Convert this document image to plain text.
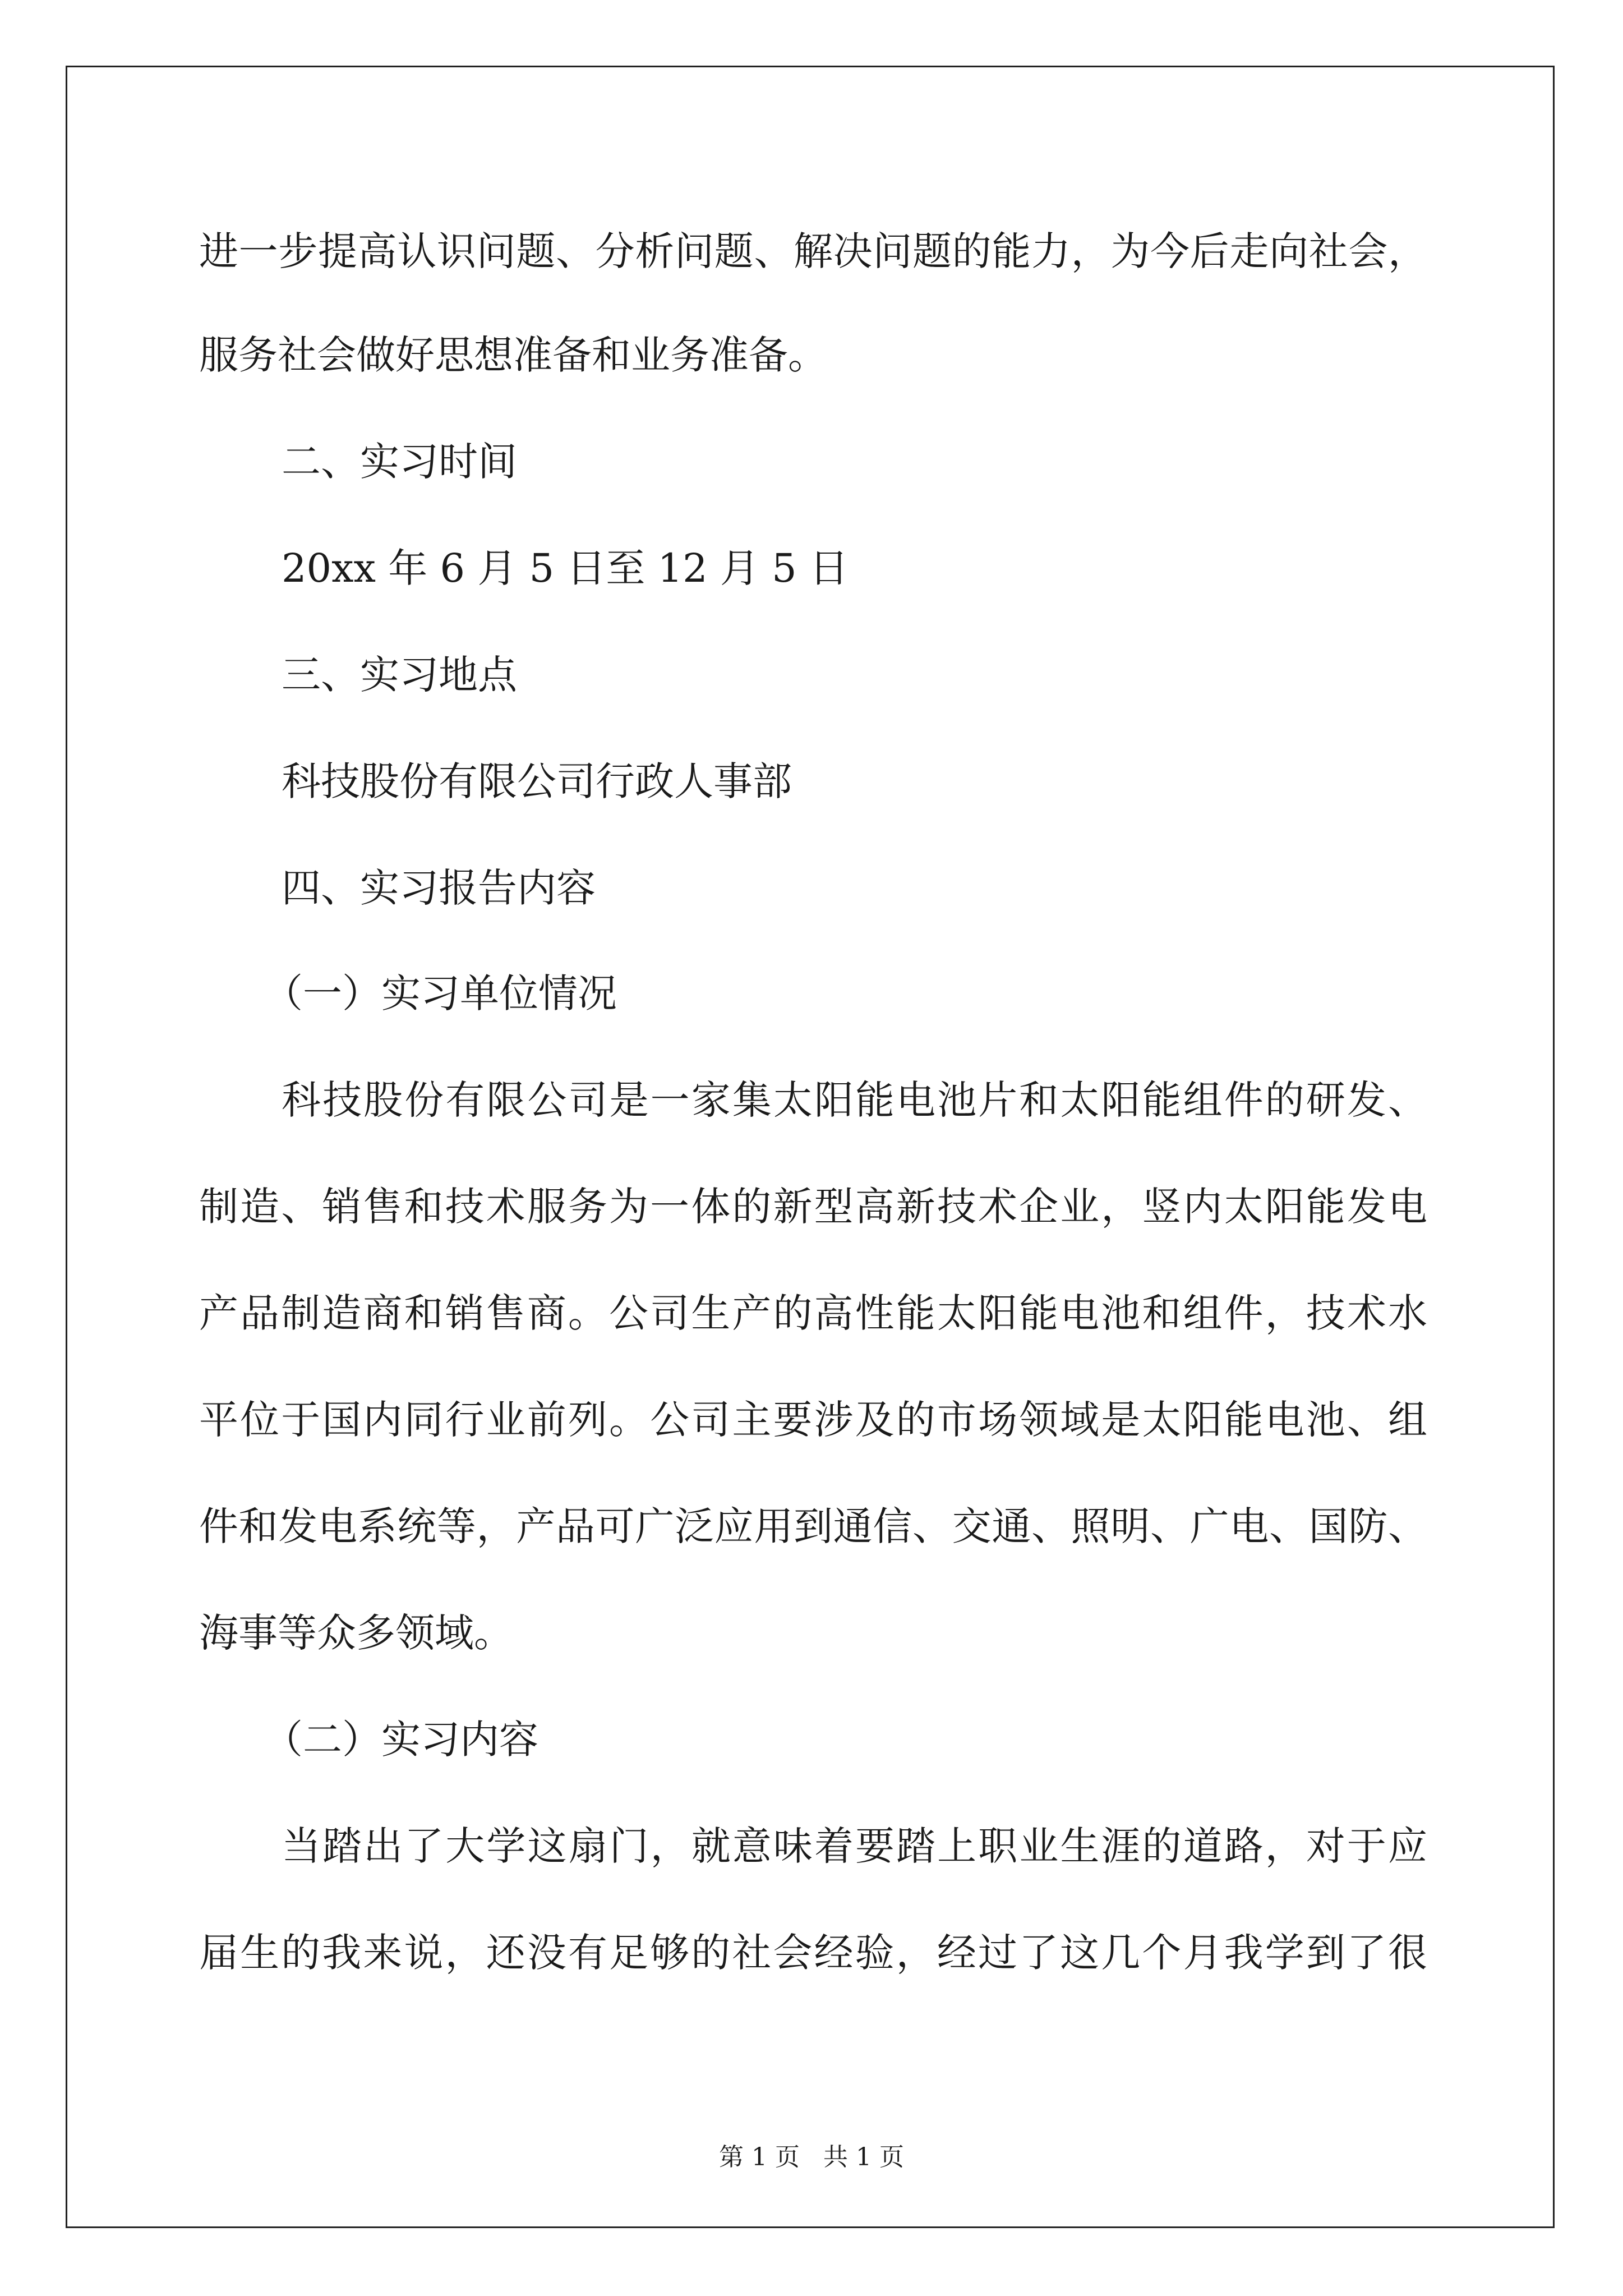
进一步提高认识问题、分析问题、解决问题的能力，为今后走向社会，
服务社会做好思想准备和业务准备。
二、实习时间
20xx 年 6 月 5 日至 12 月 5 日
三、实习地点
科技股份有限公司行政人事部
四、实习报告内容
（一）实习单位情况
科技股份有限公司是一家集太阳能电池片和太阳能组件的研发、
制造、销售和技术服务为一体的新型高新技术企业，竖内太阳能发电
产品制造商和销售商。公司生产的高性能太阳能电池和组件，技术水
平位于国内同行业前列。公司主要涉及的市场领域是太阳能电池、组
件和发电系统等，产品可广泛应用到通信、交通、照明、广电、国防、
海事等众多领域。
（二）实习内容
当踏出了大学这扇门，就意味着要踏上职业生涯的道路，对于应
届生的我来说，还没有足够的社会经验，经过了这几个月我学到了很
第 1 页   共 1 页
